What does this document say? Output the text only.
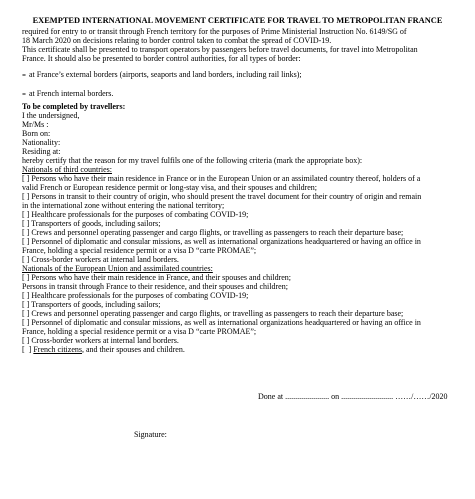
EXEMPTED INTERNATIONAL MOVEMENT CERTIFICATE FOR TRAVEL TO METROPOLITAN FRANCE
required for entry to or transit through French territory for the purposes of Prime Ministerial Instruction No. 6149/SG of
18 March 2020 on decisions relating to border control taken to combat the spread of COVID-19.
This certificate shall be presented to transport operators by passengers before travel documents, for travel into Metropolitan
France. It should also be presented to border control authorities, for all types of border:
- at France’s external borders (airports, seaports and land borders, including rail links);
- at French internal borders.
To be completed by travellers:
I the undersigned,
Mr/Ms :
Born on:
Nationality:
Residing at:
hereby certify that the reason for my travel fulfils one of the following criteria (mark the appropriate box):
Nationals of third countries:
[ ] Persons who have their main residence in France or in the European Union or an assimilated country thereof, holders of a
valid French or European residence permit or long-stay visa, and their spouses and children;
[ ] Persons in transit to their country of origin, who should present the travel document for their country of origin and remain
in the international zone without entering the national territory;
[ ] Healthcare professionals for the purposes of combating COVID-19;
[ ] Transporters of goods, including sailors;
[ ] Crews and personnel operating passenger and cargo flights, or travelling as passengers to reach their departure base;
[ ] Personnel of diplomatic and consular missions, as well as international organizations headquartered or having an office in
France, holding a special residence permit or a visa D “carte PROMAE”;
[ ] Cross-border workers at internal land borders.
Nationals of the European Union and assimilated countries:
[ ] Persons who have their main residence in France, and their spouses and children;
Persons in transit through France to their residence, and their spouses and children;
[ ] Healthcare professionals for the purposes of combating COVID-19;
[ ] Transporters of goods, including sailors;
[ ] Crews and personnel operating passenger and cargo flights, or travelling as passengers to reach their departure base;
[ ] Personnel of diplomatic and consular missions, as well as international organizations headquartered or having an office in
France, holding a special residence permit or a visa D “carte PROMAE”;
[ ] Cross-border workers at internal land borders.
[  ] French citizens, and their spouses and children.
Done at ...................... on .......................... ……/……/2020
Signature:
